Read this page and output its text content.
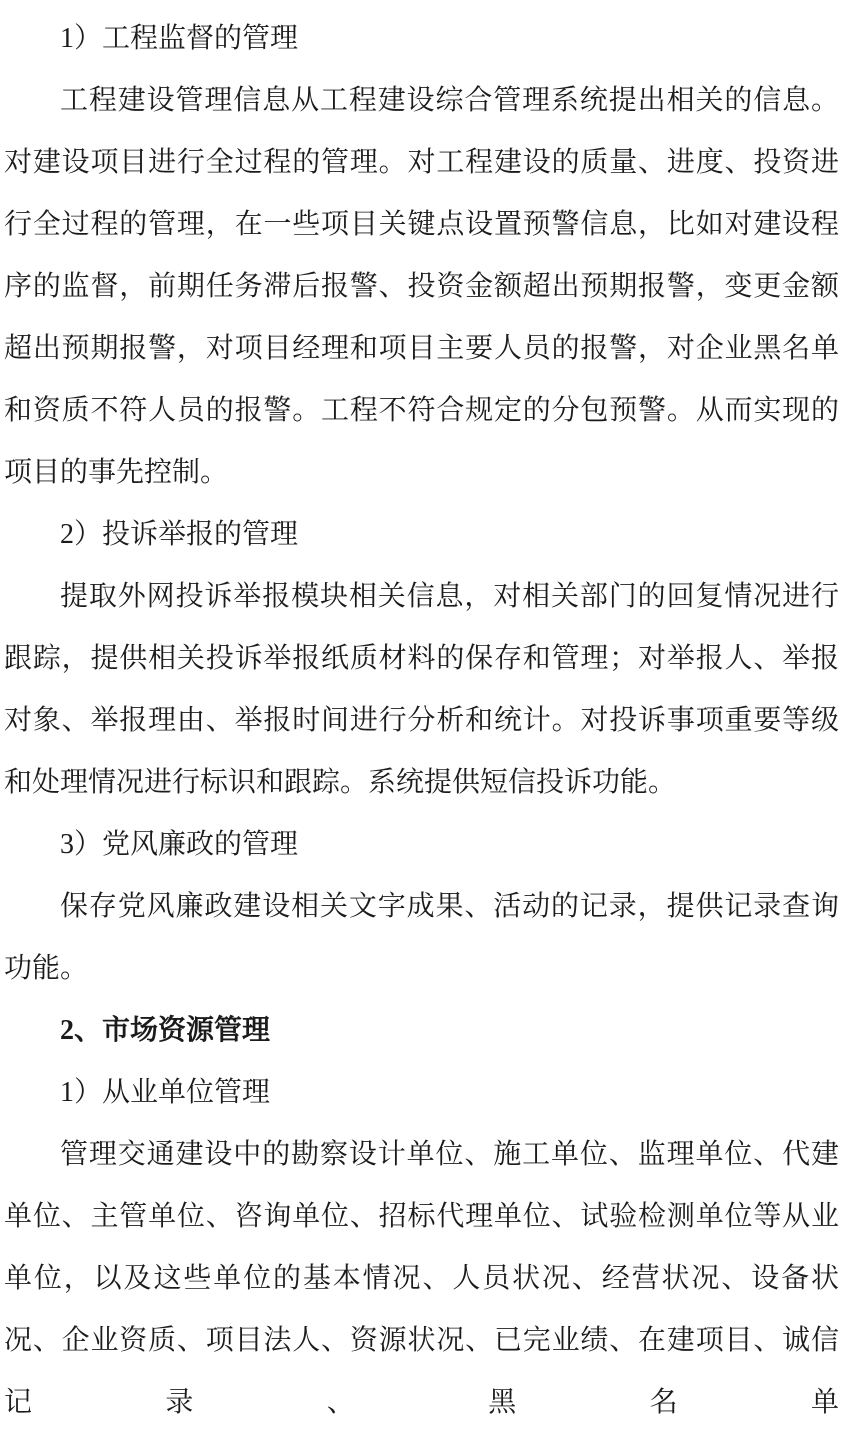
1）工程监督的管理

工程建设管理信息从工程建设综合管理系统提出相关的信息。对建设项目进行全过程的管理。对工程建设的质量、进度、投资进行全过程的管理，在一些项目关键点设置预警信息，比如对建设程序的监督，前期任务滞后报警、投资金额超出预期报警，变更金额超出预期报警，对项目经理和项目主要人员的报警，对企业黑名单和资质不符人员的报警。工程不符合规定的分包预警。从而实现的项目的事先控制。

2）投诉举报的管理

提取外网投诉举报模块相关信息，对相关部门的回复情况进行跟踪，提供相关投诉举报纸质材料的保存和管理；对举报人、举报对象、举报理由、举报时间进行分析和统计。对投诉事项重要等级和处理情况进行标识和跟踪。系统提供短信投诉功能。

3）党风廉政的管理

保存党风廉政建设相关文字成果、活动的记录，提供记录查询功能。

2、市场资源管理
1）从业单位管理

管理交通建设中的勘察设计单位、施工单位、监理单位、代建单位、主管单位、咨询单位、招标代理单位、试验检测单位等从业单位，以及这些单位的基本情况、人员状况、经营状况、设备状况、企业资质、项目法人、资源状况、已完业绩、在建项目、诚信记录、黑名单
